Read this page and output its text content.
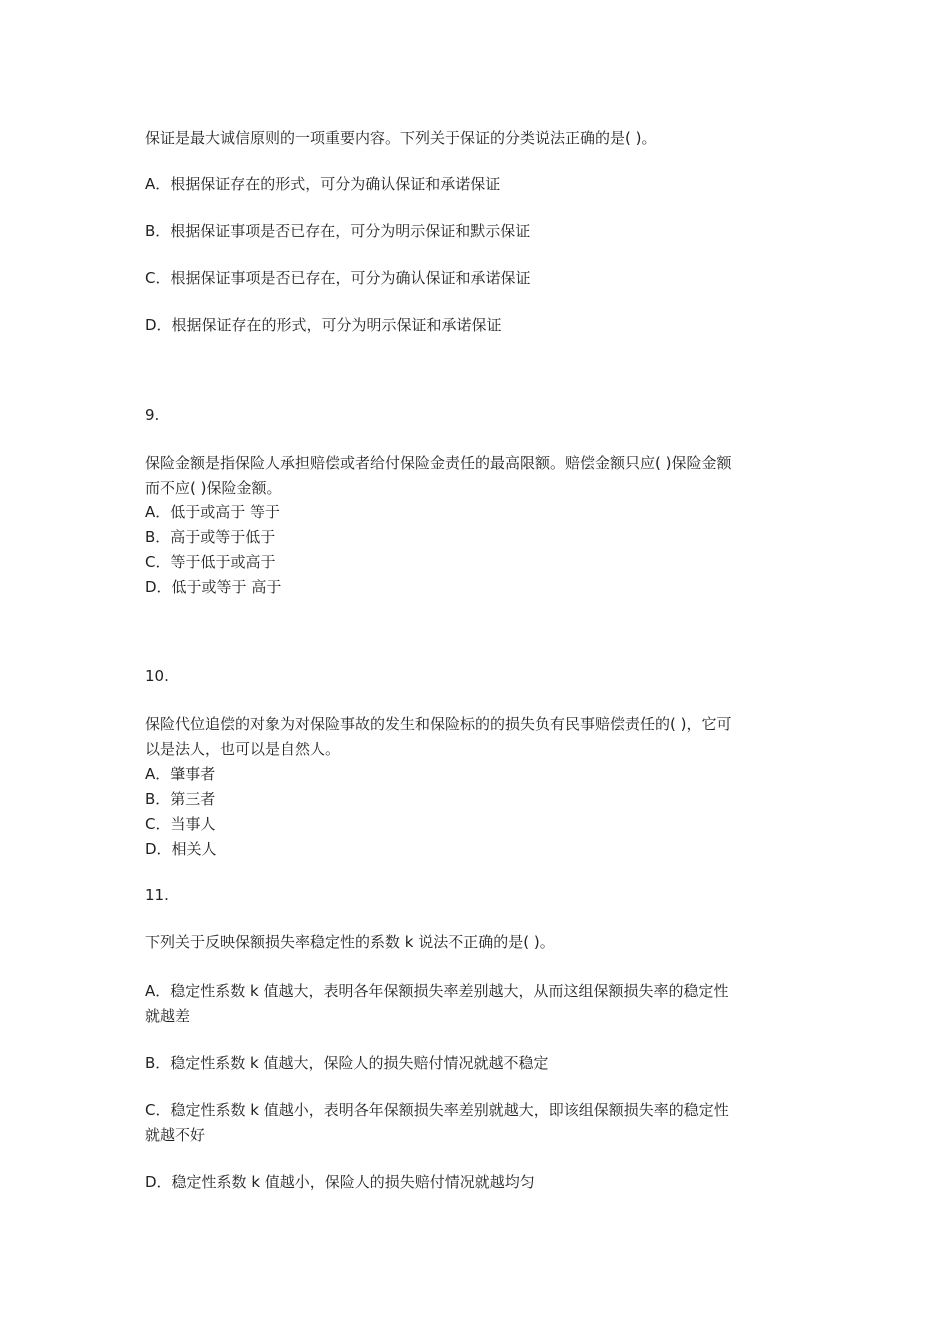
保证是最大诚信原则的一项重要内容。下列关于保证的分类说法正确的是( )。
A．根据保证存在的形式，可分为确认保证和承诺保证
B．根据保证事项是否已存在，可分为明示保证和默示保证
C．根据保证事项是否已存在，可分为确认保证和承诺保证
D．根据保证存在的形式，可分为明示保证和承诺保证
9.
保险金额是指保险人承担赔偿或者给付保险金责任的最高限额。赔偿金额只应( )保险金额
而不应( )保险金额。
A．低于或高于 等于
B．高于或等于低于
C．等于低于或高于
D．低于或等于 高于
10.
保险代位追偿的对象为对保险事故的发生和保险标的的损失负有民事赔偿责任的( )，它可
以是法人，也可以是自然人。
A．肇事者
B．第三者
C．当事人
D．相关人
11.
下列关于反映保额损失率稳定性的系数 k 说法不正确的是( )。
A．稳定性系数 k 值越大，表明各年保额损失率差别越大，从而这组保额损失率的稳定性
就越差
B．稳定性系数 k 值越大，保险人的损失赔付情况就越不稳定
C．稳定性系数 k 值越小，表明各年保额损失率差别就越大，即该组保额损失率的稳定性
就越不好
D．稳定性系数 k 值越小，保险人的损失赔付情况就越均匀
